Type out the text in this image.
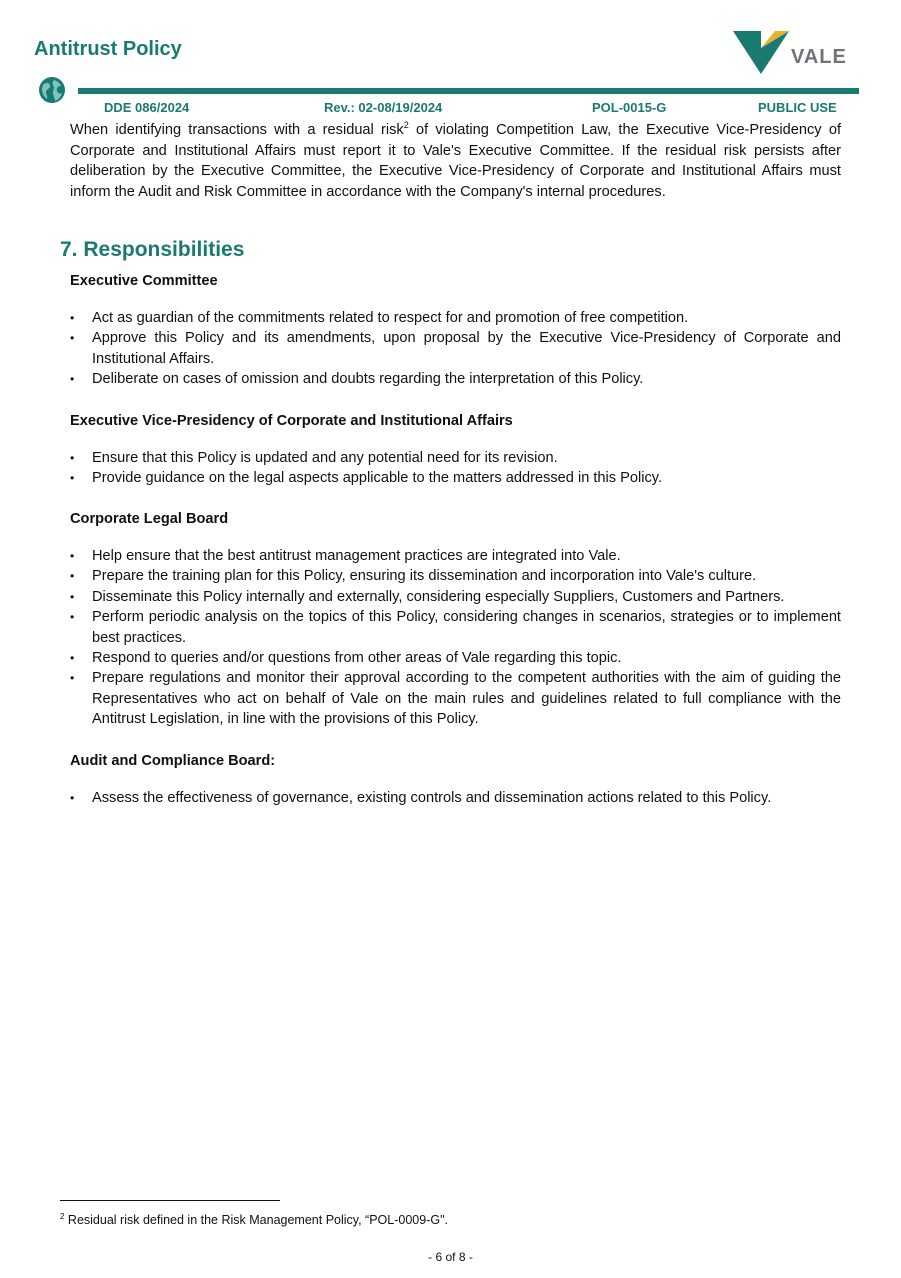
Antitrust Policy	VALE
DDE 086/2024	Rev.: 02-08/19/2024	POL-0015-G	PUBLIC USE
When identifying transactions with a residual risk$^2$ of violating Competition Law, the Executive Vice-Presidency of Corporate and Institutional Affairs must report it to Vale's Executive Committee. If the residual risk persists after deliberation by the Executive Committee, the Executive Vice-Presidency of Corporate and Institutional Affairs must inform the Audit and Risk Committee in accordance with the Company's internal procedures.
7. Responsibilities
Executive Committee
• Act as guardian of the commitments related to respect for and promotion of free competition.
• Approve this Policy and its amendments, upon proposal by the Executive Vice-Presidency of Corporate and Institutional Affairs.
• Deliberate on cases of omission and doubts regarding the interpretation of this Policy.
Executive Vice-Presidency of Corporate and Institutional Affairs
• Ensure that this Policy is updated and any potential need for its revision.
• Provide guidance on the legal aspects applicable to the matters addressed in this Policy.
Corporate Legal Board
• Help ensure that the best antitrust management practices are integrated into Vale.
• Prepare the training plan for this Policy, ensuring its dissemination and incorporation into Vale's culture.
• Disseminate this Policy internally and externally, considering especially Suppliers, Customers and Partners.
• Perform periodic analysis on the topics of this Policy, considering changes in scenarios, strategies or to implement best practices.
• Respond to queries and/or questions from other areas of Vale regarding this topic.
• Prepare regulations and monitor their approval according to the competent authorities with the aim of guiding the Representatives who act on behalf of Vale on the main rules and guidelines related to full compliance with the Antitrust Legislation, in line with the provisions of this Policy.
Audit and Compliance Board:
• Assess the effectiveness of governance, existing controls and dissemination actions related to this Policy.
$^2$ Residual risk defined in the Risk Management Policy, “POL-0009-G".
- 6 of 8 -
